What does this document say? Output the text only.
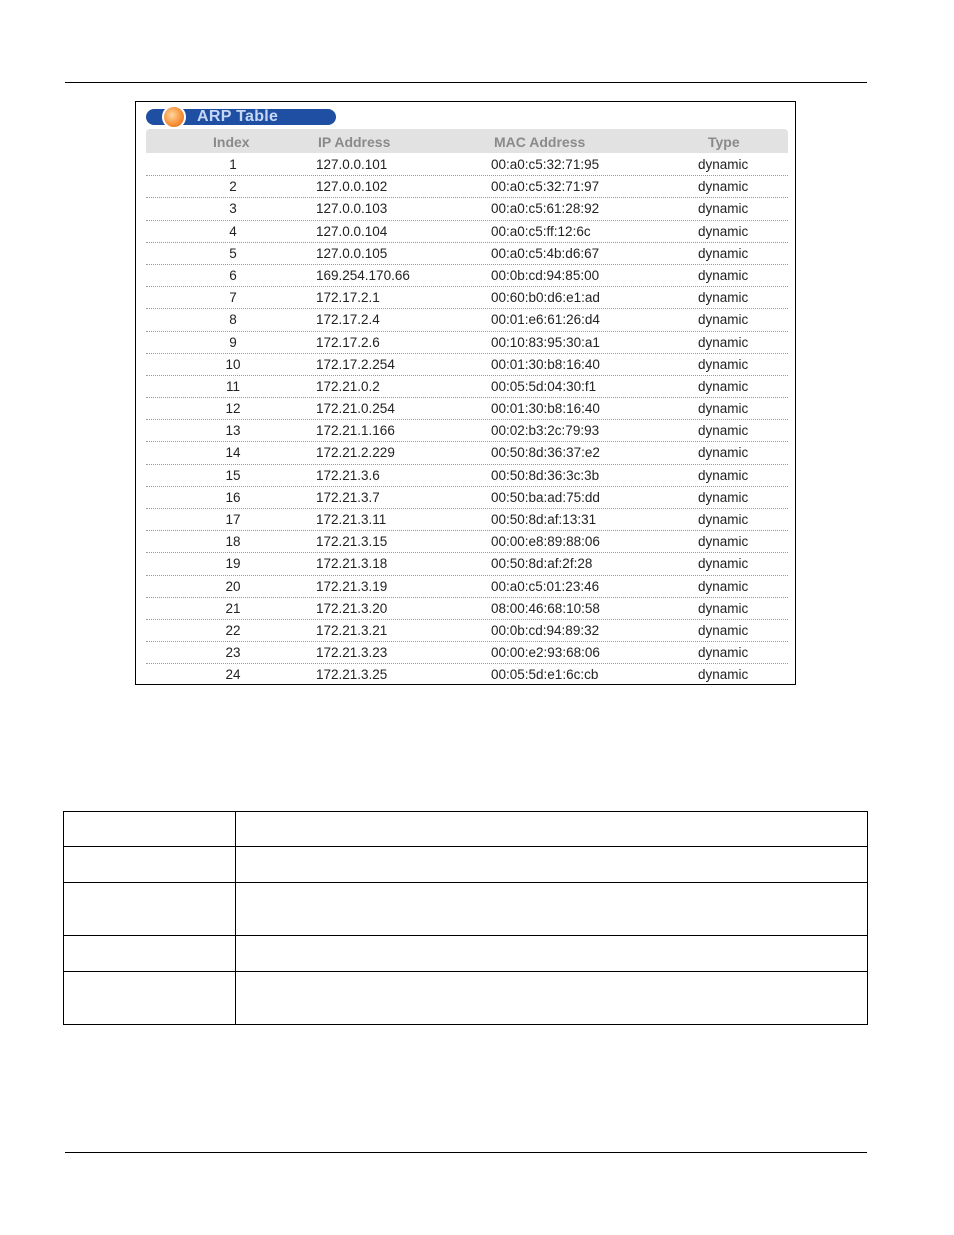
ARP Table
Index	IP Address	MAC Address	Type
1	127.0.0.101	00:a0:c5:32:71:95	dynamic
2	127.0.0.102	00:a0:c5:32:71:97	dynamic
3	127.0.0.103	00:a0:c5:61:28:92	dynamic
4	127.0.0.104	00:a0:c5:ff:12:6c	dynamic
5	127.0.0.105	00:a0:c5:4b:d6:67	dynamic
6	169.254.170.66	00:0b:cd:94:85:00	dynamic
7	172.17.2.1	00:60:b0:d6:e1:ad	dynamic
8	172.17.2.4	00:01:e6:61:26:d4	dynamic
9	172.17.2.6	00:10:83:95:30:a1	dynamic
10	172.17.2.254	00:01:30:b8:16:40	dynamic
11	172.21.0.2	00:05:5d:04:30:f1	dynamic
12	172.21.0.254	00:01:30:b8:16:40	dynamic
13	172.21.1.166	00:02:b3:2c:79:93	dynamic
14	172.21.2.229	00:50:8d:36:37:e2	dynamic
15	172.21.3.6	00:50:8d:36:3c:3b	dynamic
16	172.21.3.7	00:50:ba:ad:75:dd	dynamic
17	172.21.3.11	00:50:8d:af:13:31	dynamic
18	172.21.3.15	00:00:e8:89:88:06	dynamic
19	172.21.3.18	00:50:8d:af:2f:28	dynamic
20	172.21.3.19	00:a0:c5:01:23:46	dynamic
21	172.21.3.20	08:00:46:68:10:58	dynamic
22	172.21.3.21	00:0b:cd:94:89:32	dynamic
23	172.21.3.23	00:00:e2:93:68:06	dynamic
24	172.21.3.25	00:05:5d:e1:6c:cb	dynamic
